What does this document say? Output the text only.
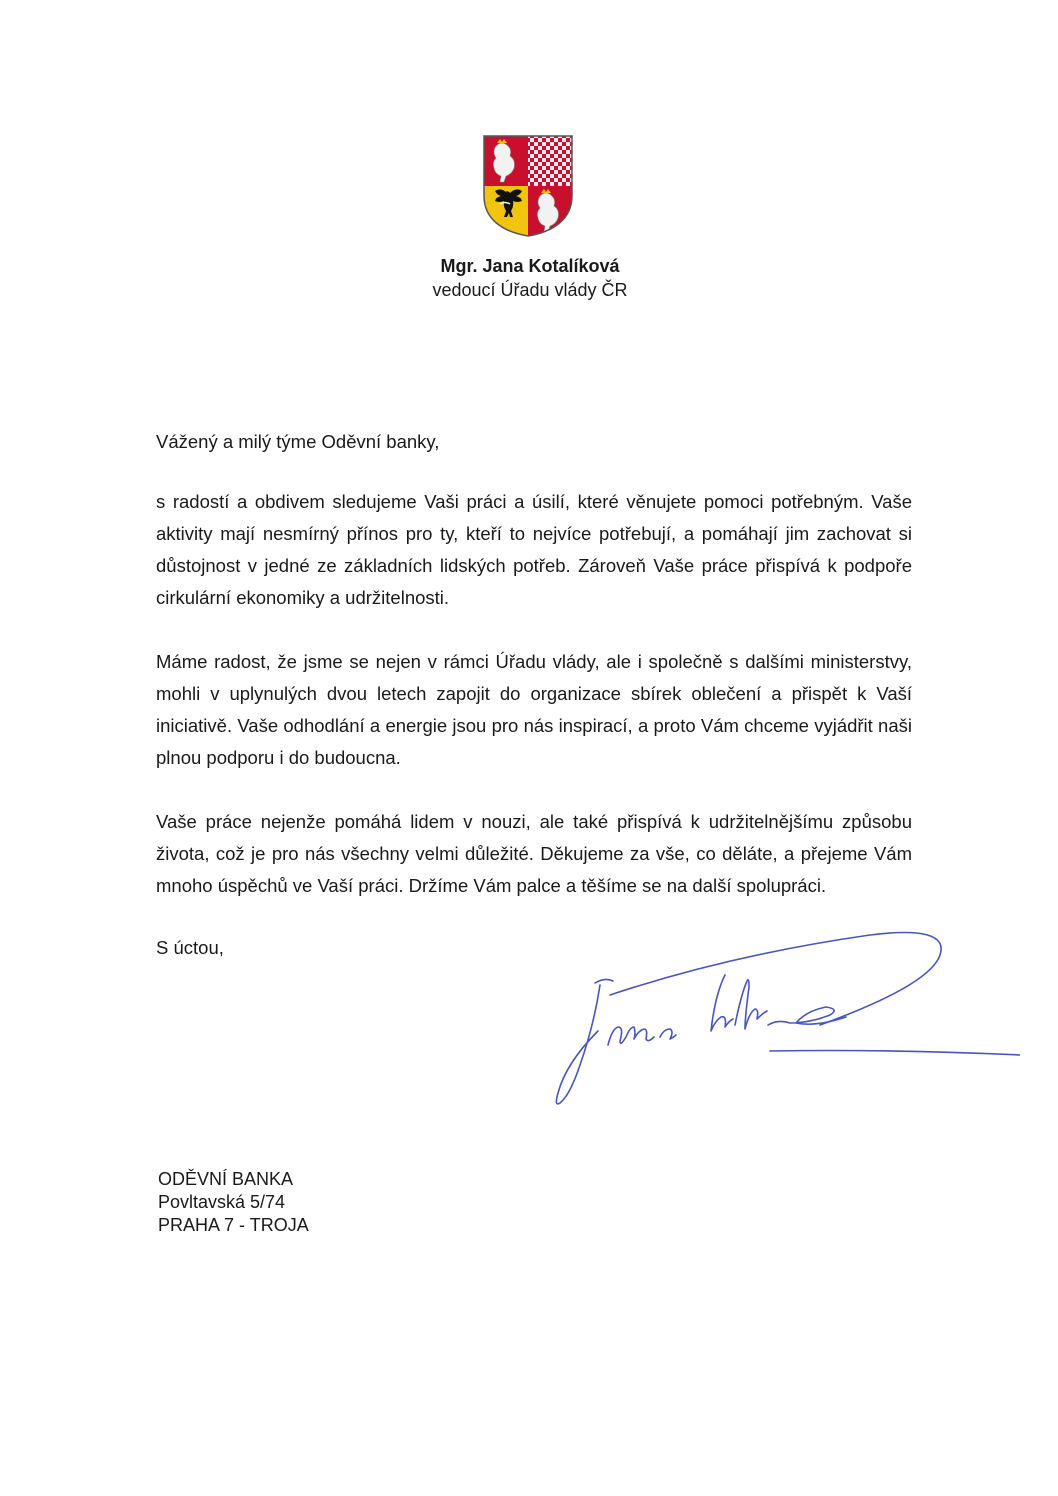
Mgr. Jana Kotalíková
vedoucí Úřadu vlády ČR
Vážený a milý týme Oděvní banky,
s radostí a obdivem sledujeme Vaši práci a úsilí, které věnujete pomoci potřebným. Vaše aktivity mají nesmírný přínos pro ty, kteří to nejvíce potřebují, a pomáhají jim zachovat si důstojnost v jedné ze základních lidských potřeb. Zároveň Vaše práce přispívá k podpoře cirkulární ekonomiky a udržitelnosti.
Máme radost, že jsme se nejen v rámci Úřadu vlády, ale i společně s dalšími ministerstvy, mohli v uplynulých dvou letech zapojit do organizace sbírek oblečení a přispět k Vaší iniciativě. Vaše odhodlání a energie jsou pro nás inspirací, a proto Vám chceme vyjádřit naši plnou podporu i do budoucna.
Vaše práce nejenže pomáhá lidem v nouzi, ale také přispívá k udržitelnějšímu způsobu života, což je pro nás všechny velmi důležité. Děkujeme za vše, co děláte, a přejeme Vám mnoho úspěchů ve Vaší práci. Držíme Vám palce a těšíme se na další spolupráci.
S úctou,
ODĚVNÍ BANKA
Povltavská 5/74
PRAHA 7 - TROJA
